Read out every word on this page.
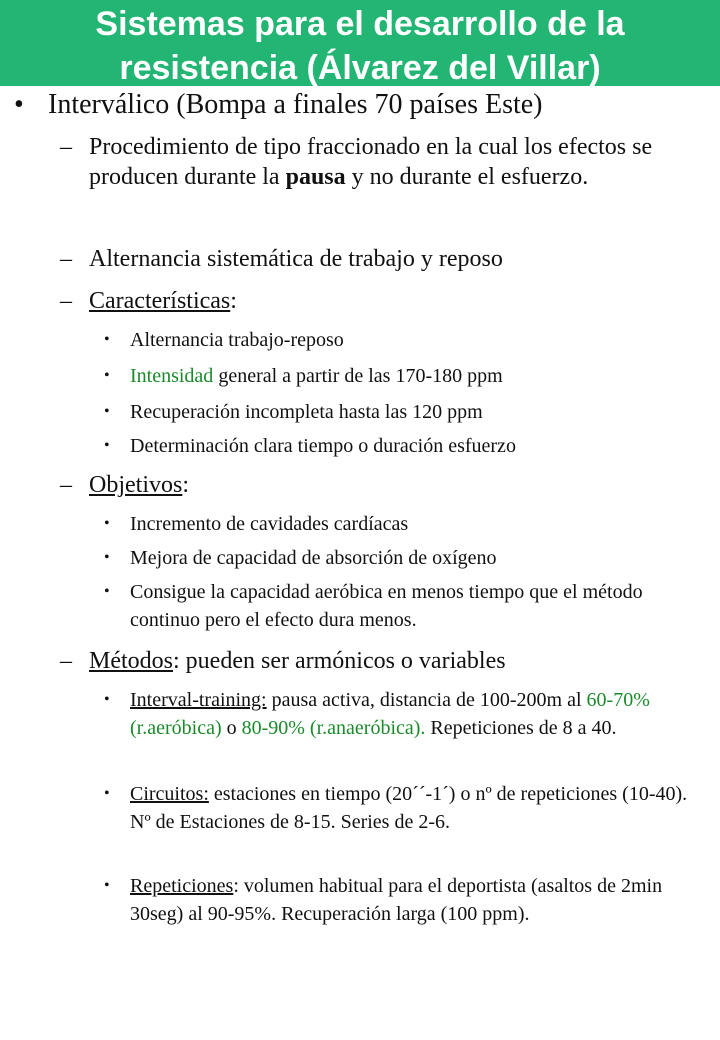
Sistemas para el desarrollo de la
resistencia (Álvarez del Villar)
• Interválico (Bompa a finales 70 países Este)
– Procedimiento de tipo fraccionado en la cual los efectos se producen durante la pausa y no durante el esfuerzo.
– Alternancia sistemática de trabajo y reposo
– Características:
• Alternancia trabajo-reposo
• Intensidad general a partir de las 170-180 ppm
• Recuperación incompleta hasta las 120 ppm
• Determinación clara tiempo o duración esfuerzo
– Objetivos:
• Incremento de cavidades cardíacas
• Mejora de capacidad de absorción de oxígeno
• Consigue la capacidad aeróbica en menos tiempo que el método continuo pero el efecto dura menos.
– Métodos: pueden ser armónicos o variables
• Interval-training: pausa activa, distancia de 100-200m al 60-70% (r.aeróbica) o 80-90% (r.anaeróbica). Repeticiones de 8 a 40.
• Circuitos: estaciones en tiempo (20´´-1´) o nº de repeticiones (10-40). Nº de Estaciones de 8-15. Series de 2-6.
• Repeticiones: volumen habitual para el deportista (asaltos de 2min 30seg) al 90-95%. Recuperación larga (100 ppm).
